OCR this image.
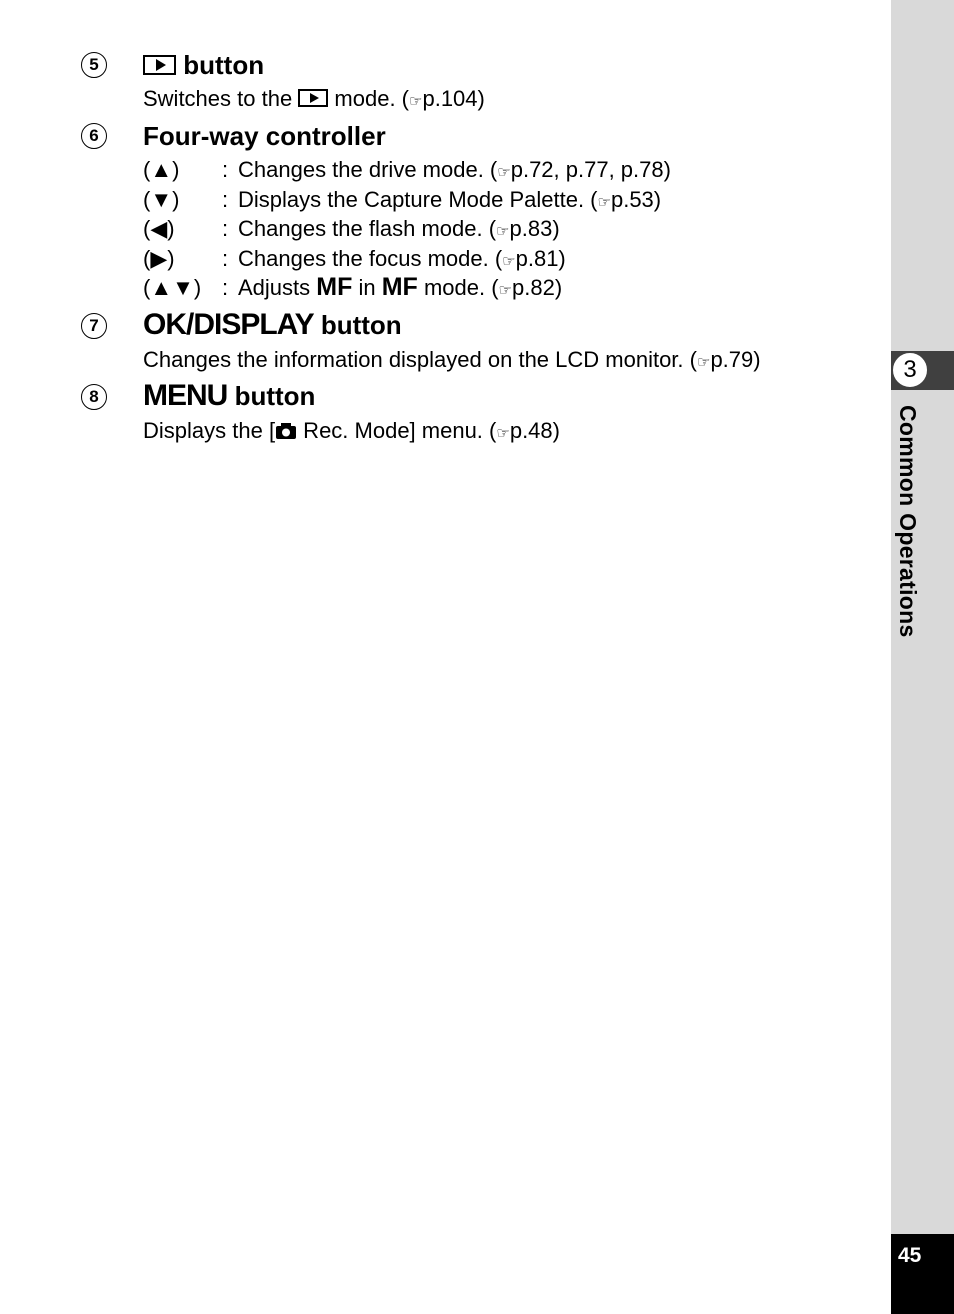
3
Common Operations
45
5	button
Switches to the  mode. (☞p.104)
6	Four-way controller
(▲) : Changes the drive mode. (☞p.72, p.77, p.78)
(▼) : Displays the Capture Mode Palette. (☞p.53)
(◀) : Changes the flash mode. (☞p.83)
(▶) : Changes the focus mode. (☞p.81)
(▲▼) : Adjusts MF in MF mode. (☞p.82)
7 OK/DISPLAY button
Changes the information displayed on the LCD monitor. (☞p.79)
8 MENU button
Displays the [ Rec. Mode] menu. (☞p.48)
